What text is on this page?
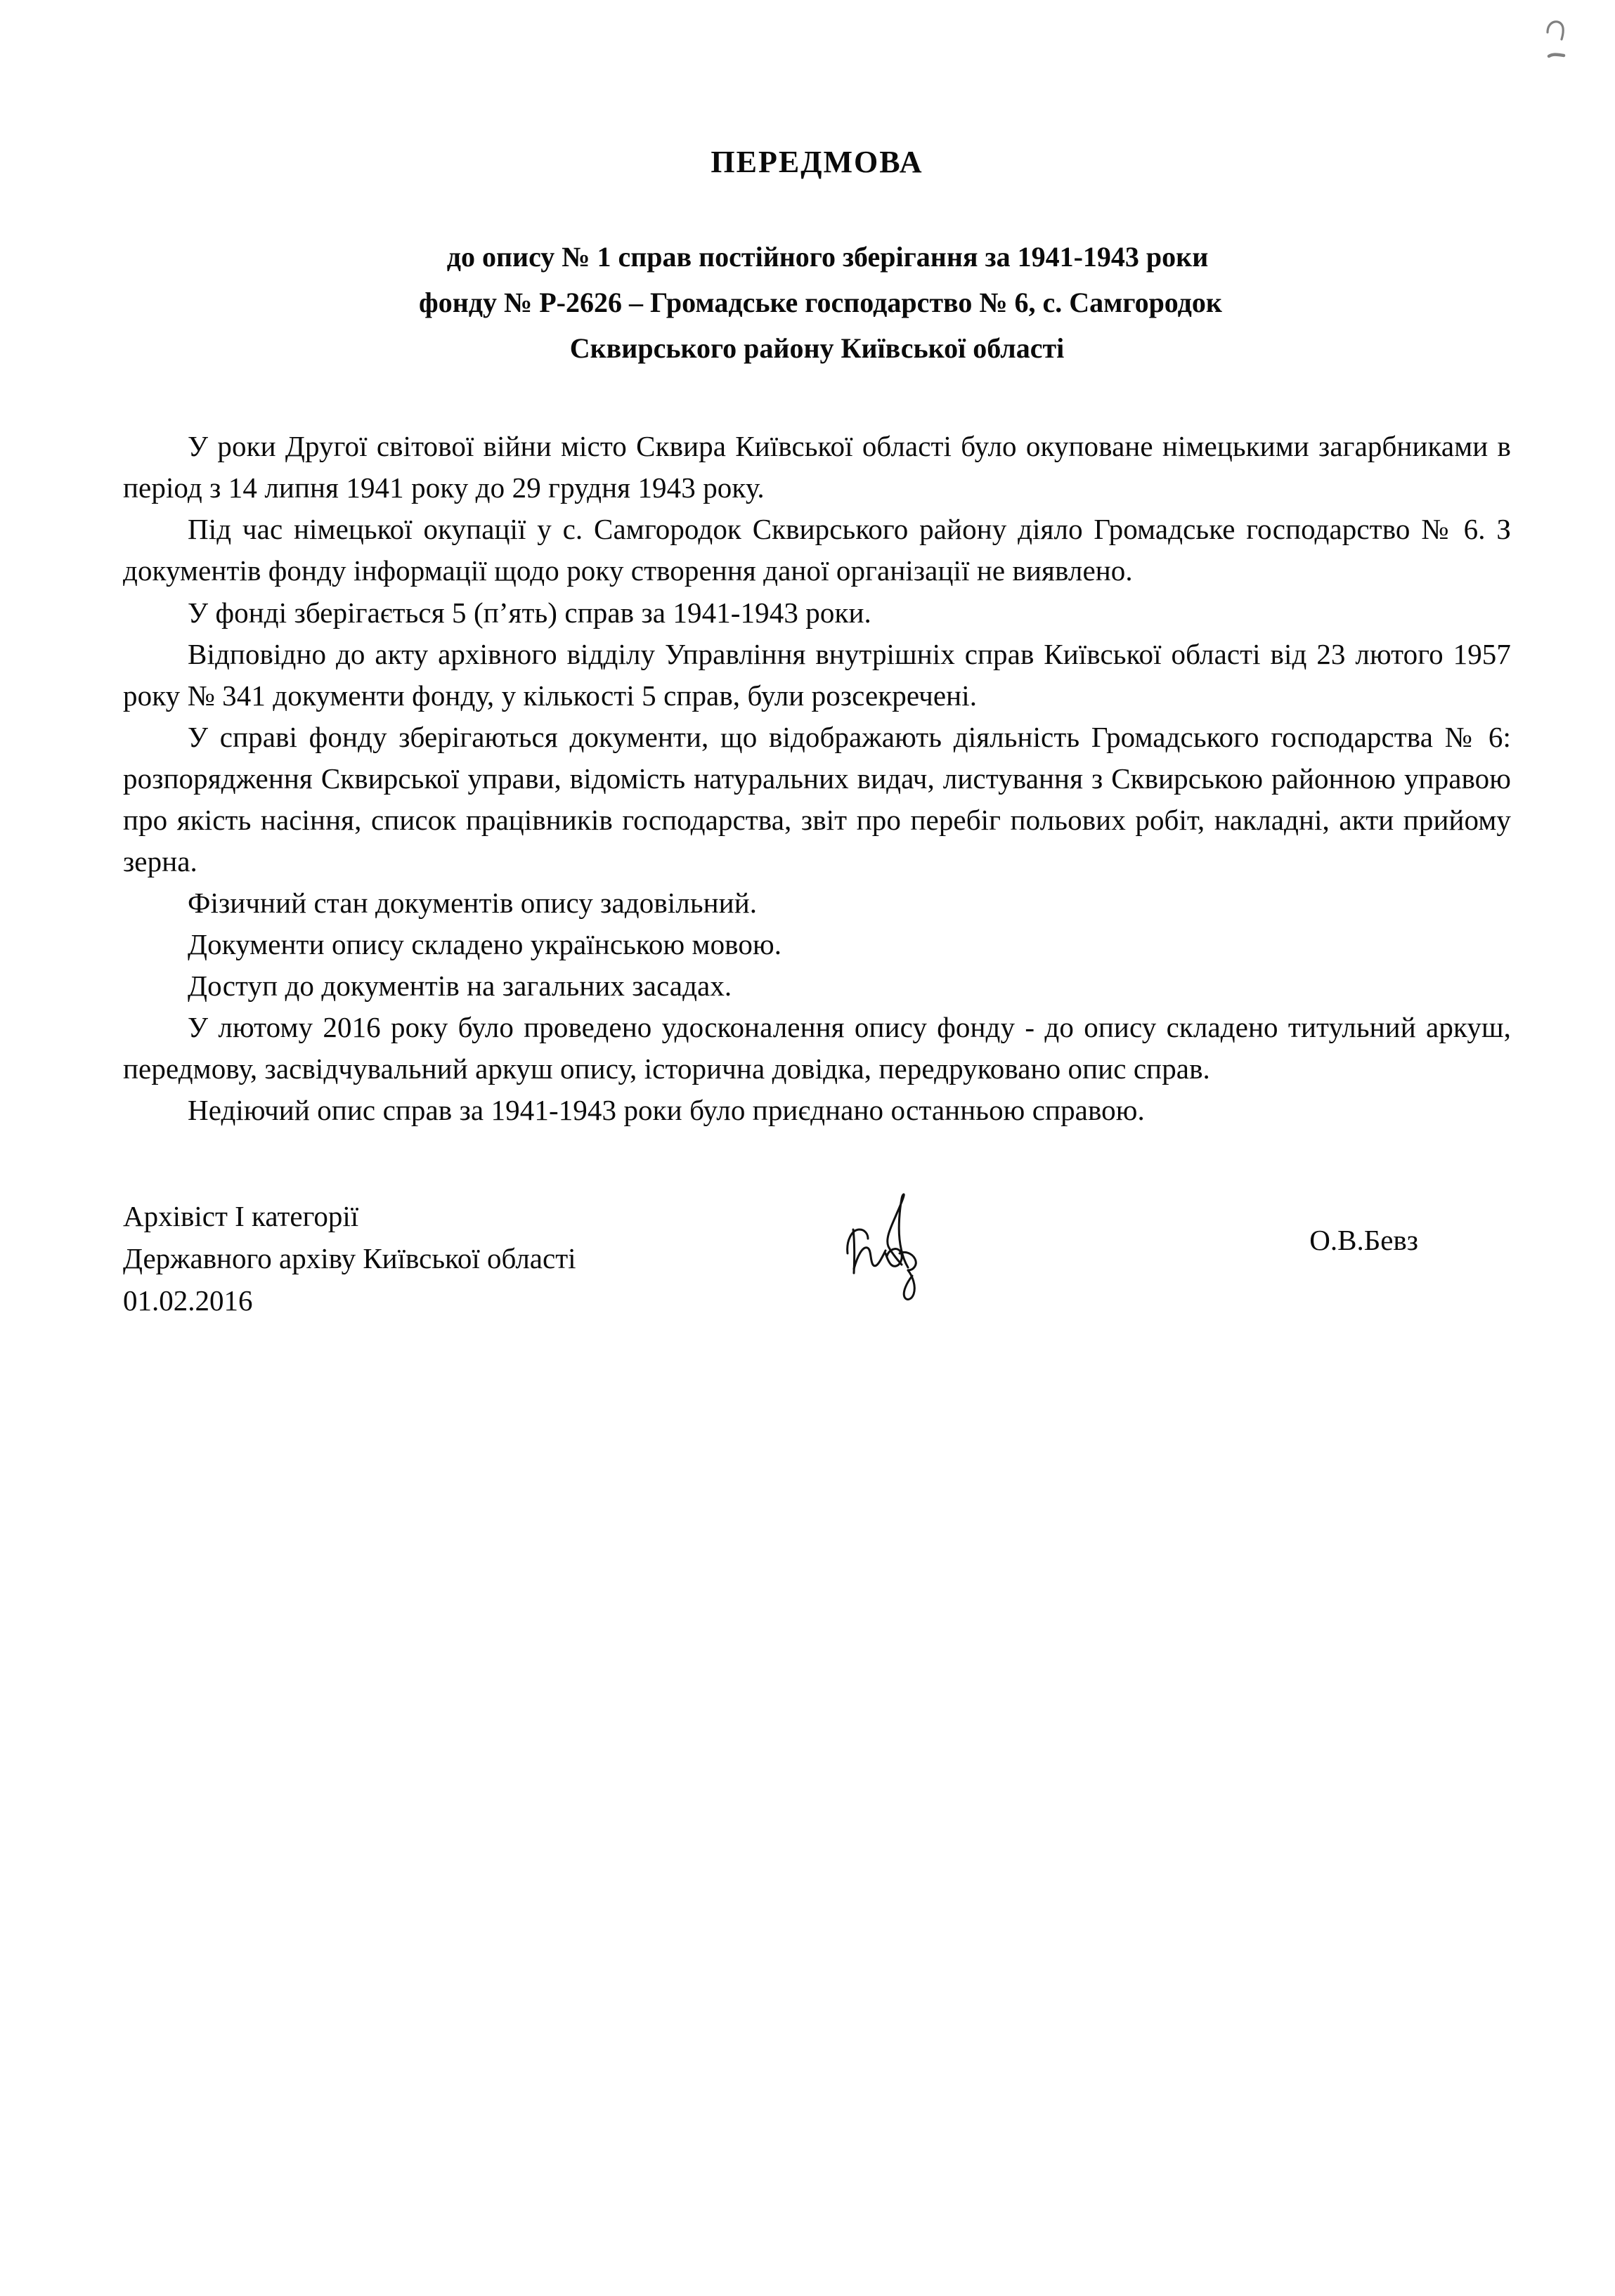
ПЕРЕДМОВА
до опису № 1 справ постійного зберігання за 1941-1943 роки
фонду № Р-2626 – Громадське господарство № 6, с. Самгородок
Сквирського району Київської області

У роки Другої світової війни місто Сквира Київської області було окуповане німецькими загарбниками в період з 14 липня 1941 року до 29 грудня 1943 року.

Під час німецької окупації у с. Самгородок Сквирського району діяло Громадське господарство № 6. З документів фонду інформації щодо року створення даної організації не виявлено.

У фонді зберігається 5 (п’ять) справ за 1941-1943 роки.

Відповідно до акту архівного відділу Управління внутрішніх справ Київської області від 23 лютого 1957 року № 341 документи фонду, у кількості 5 справ, були розсекречені.

У справі фонду зберігаються документи, що відображають діяльність Громадського господарства № 6: розпорядження Сквирської управи, відомість натуральних видач, листування з Сквирською районною управою про якість насіння, список працівників господарства, звіт про перебіг польових робіт, накладні, акти прийому зерна.

Фізичний стан документів опису задовільний.

Документи опису складено українською мовою.

Доступ до документів на загальних засадах.

У лютому 2016 року було проведено удосконалення опису фонду - до опису складено титульний аркуш, передмову, засвідчувальний аркуш опису, історична довідка, передруковано опис справ.

Недіючий опис справ за 1941-1943 роки було приєднано останньою справою.

Архівіст І категорії
Державного архіву Київської області
01.02.2016
О.В.Бевз
